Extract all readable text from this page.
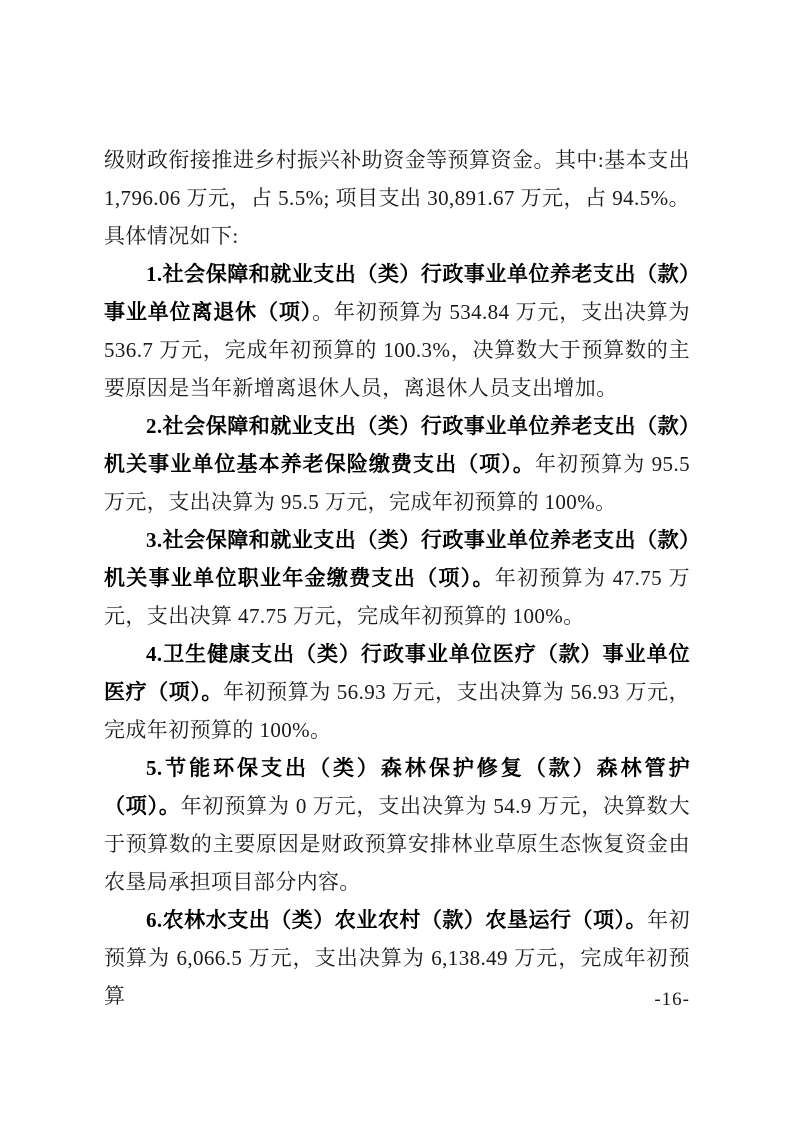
级财政衔接推进乡村振兴补助资金等预算资金。其中:基本支出 1,796.06 万元，占 5.5%; 项目支出 30,891.67 万元，占 94.5%。具体情况如下:

1.社会保障和就业支出（类）行政事业单位养老支出（款）事业单位离退休（项）。年初预算为 534.84 万元，支出决算为 536.7 万元，完成年初预算的 100.3%，决算数大于预算数的主要原因是当年新增离退休人员，离退休人员支出增加。

2.社会保障和就业支出（类）行政事业单位养老支出（款）机关事业单位基本养老保险缴费支出（项）。年初预算为 95.5 万元，支出决算为 95.5 万元，完成年初预算的 100%。

3.社会保障和就业支出（类）行政事业单位养老支出（款）机关事业单位职业年金缴费支出（项）。年初预算为 47.75 万元，支出决算 47.75 万元，完成年初预算的 100%。

4.卫生健康支出（类）行政事业单位医疗（款）事业单位医疗（项）。年初预算为 56.93 万元，支出决算为 56.93 万元，完成年初预算的 100%。

5.节能环保支出（类）森林保护修复（款）森林管护（项）。年初预算为 0 万元，支出决算为 54.9 万元，决算数大于预算数的主要原因是财政预算安排林业草原生态恢复资金由农垦局承担项目部分内容。

6.农林水支出（类）农业农村（款）农垦运行（项）。年初预算为 6,066.5 万元，支出决算为 6,138.49 万元，完成年初预算	-16-
